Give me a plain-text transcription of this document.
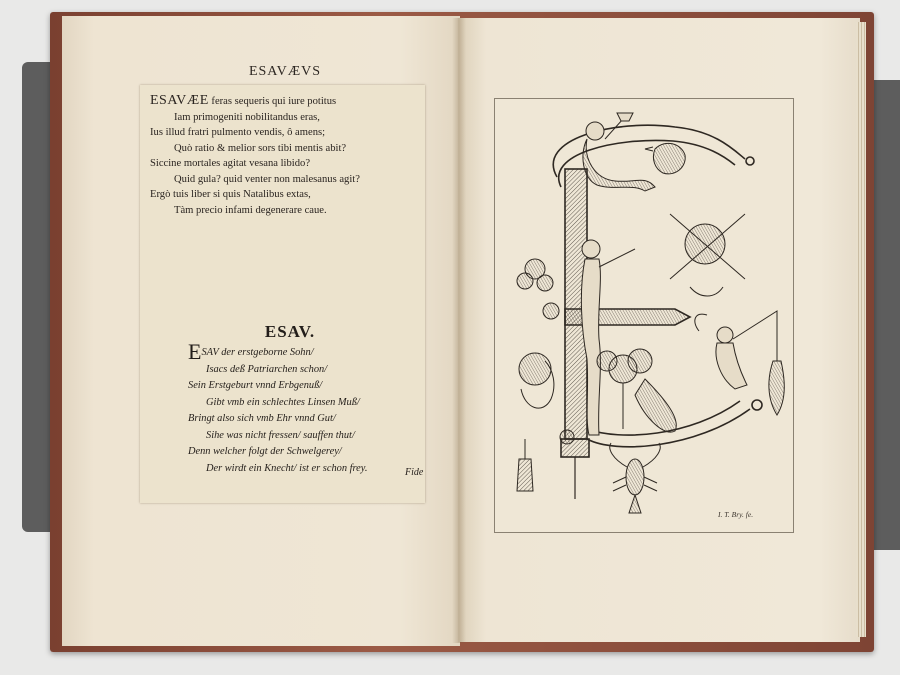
ESAVÆVS
ESAVÆE feras sequeris qui iure potitus
Iam primogeniti nobilitandus eras,
Ius illud fratri pulmento vendis, ô amens;
Quò ratio & melior sors tibi mentis abit?
Siccine mortales agitat vesana libido?
Quid gula? quid venter non malesanus agit?
Ergò tuis liber si quis Natalibus extas,
Tàm precio infami degenerare caue.
ESAV.
ESAV der erstgeborne Sohn/
Isacs deß Patriarchen schon/
Sein Erstgeburt vnnd Erbgenuß/
Gibt vmb ein schlechtes Linsen Muß/
Bringt also sich vmb Ehr vnnd Gut/
Sihe was nicht fressen/ sauffen thut/
Denn welcher folgt der Schwelgerey/
Der wirdt ein Knecht/ ist er schon frey.	Fide
I. T. Bry. fe.
